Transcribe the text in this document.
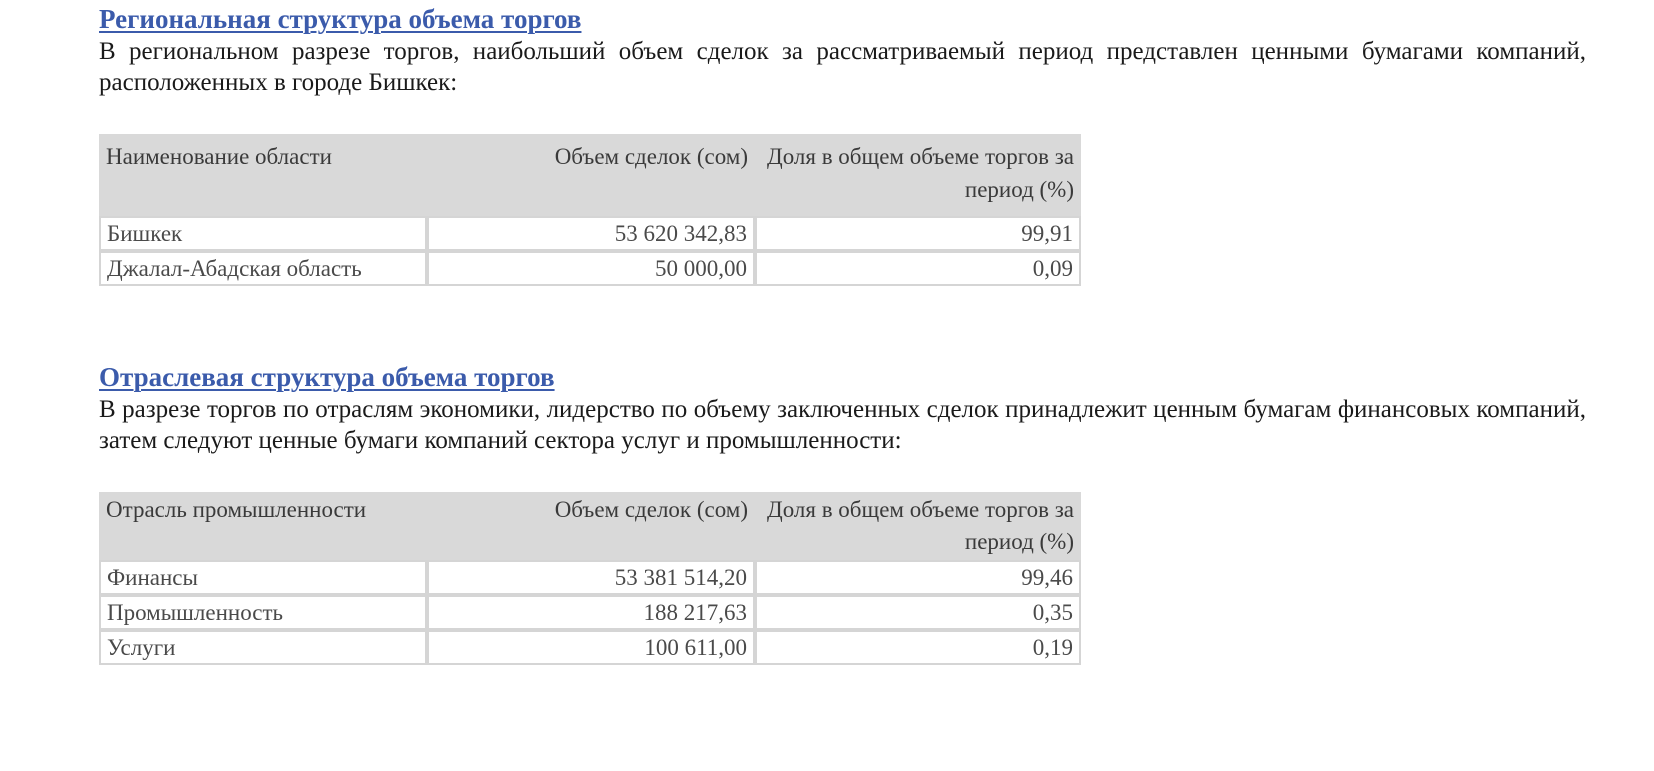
Региональная структура объема торгов

В региональном разрезе торгов, наибольший объем сделок за рассматриваемый период представлен ценными бумагами компаний, расположенных в городе Бишкек:

Наименование области	Объем сделок (сом)	Доля в общем объеме торгов за период (%)
Бишкек	53 620 342,83	99,91
Джалал-Абадская область	50 000,00	0,09
Отраслевая структура объема торгов

В разрезе торгов по отраслям экономики, лидерство по объему заключенных сделок принадлежит ценным бумагам финансовых компаний, затем следуют ценные бумаги компаний сектора услуг и промышленности:

Отрасль промышленности	Объем сделок (сом)	Доля в общем объеме торгов за период (%)
Финансы	53 381 514,20	99,46
Промышленность	188 217,63	0,35
Услуги	100 611,00	0,19
